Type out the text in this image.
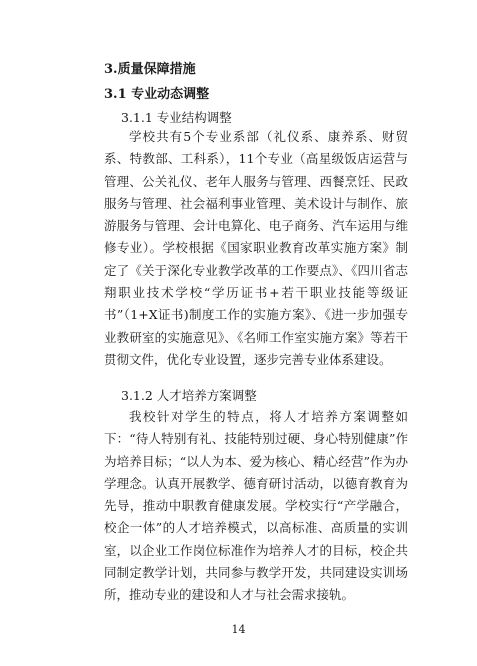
3.质量保障措施
3.1 专业动态调整
3.1.1 专业结构调整

学校共有5个专业系部（礼仪系、康养系、财贸系、特教部、工科系），11个专业（高星级饭店运营与管理、公关礼仪、老年人服务与管理、西餐烹饪、民政服务与管理、社会福利事业管理、美术设计与制作、旅游服务与管理、会计电算化、电子商务、汽车运用与维修专业）。学校根据《国家职业教育改革实施方案》制定了《关于深化专业教学改革的工作要点》、《四川省志翔职业技术学校“学历证书+若干职业技能等级证书”（1+X证书)制度工作的实施方案》、《进一步加强专业教研室的实施意见》、《名师工作室实施方案》等若干贯彻文件，优化专业设置，逐步完善专业体系建设。

3.1.2 人才培养方案调整

我校针对学生的特点，将人才培养方案调整如下：“待人特别有礼、技能特别过硬、身心特别健康”作为培养目标；“以人为本、爱为核心、精心经营”作为办学理念。认真开展教学、德育研讨活动，以德育教育为先导，推动中职教育健康发展。学校实行“产学融合，校企一体”的人才培养模式，以高标准、高质量的实训室，以企业工作岗位标准作为培养人才的目标，校企共同制定教学计划，共同参与教学开发，共同建设实训场所，推动专业的建设和人才与社会需求接轨。

14
